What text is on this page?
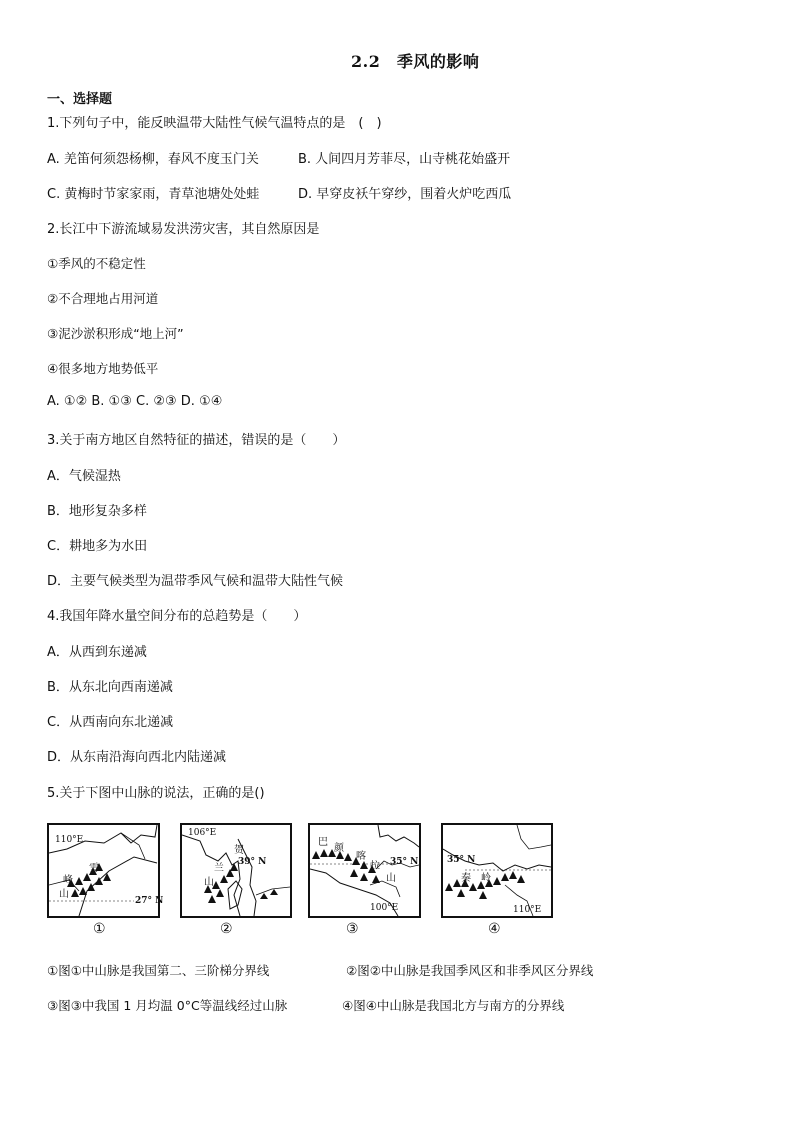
2.2　季风的影响
一、选择题
1.下列句子中，能反映温带大陆性气候气温特点的是　(　)
A. 羌笛何须怨杨柳，春风不度玉门关	B. 人间四月芳菲尽，山寺桃花始盛开
C. 黄梅时节家家雨，青草池塘处处蛙	D. 早穿皮袄午穿纱，围着火炉吃西瓜
2.长江中下游流域易发洪涝灾害，其自然原因是
①季风的不稳定性
②不合理地占用河道
③泥沙淤积形成“地上河”
④很多地方地势低平
A. ①② B. ①③ C. ②③ D. ①④
3.关于南方地区自然特征的描述，错误的是（　　）
A．气候湿热
B．地形复杂多样
C．耕地多为水田
D．主要气候类型为温带季风气候和温带大陆性气候
4.我国年降水量空间分布的总趋势是（　　）
A．从西到东递减
B．从东北向西南递减
C．从西南向东北递减
D．从东南沿海向西北内陆递减
5.关于下图中山脉的说法，正确的是()
110°E
雪
峰
山
27° N
①
106°E
贺
兰
山
39° N
②
巴
颜
喀
拉
山
35° N
100°E
③
35° N
秦 岭
110°E
④
①图①中山脉是我国第二、三阶梯分界线	②图②中山脉是我国季风区和非季风区分界线
③图③中我国 1 月均温 0°C等温线经过山脉	④图④中山脉是我国北方与南方的分界线
